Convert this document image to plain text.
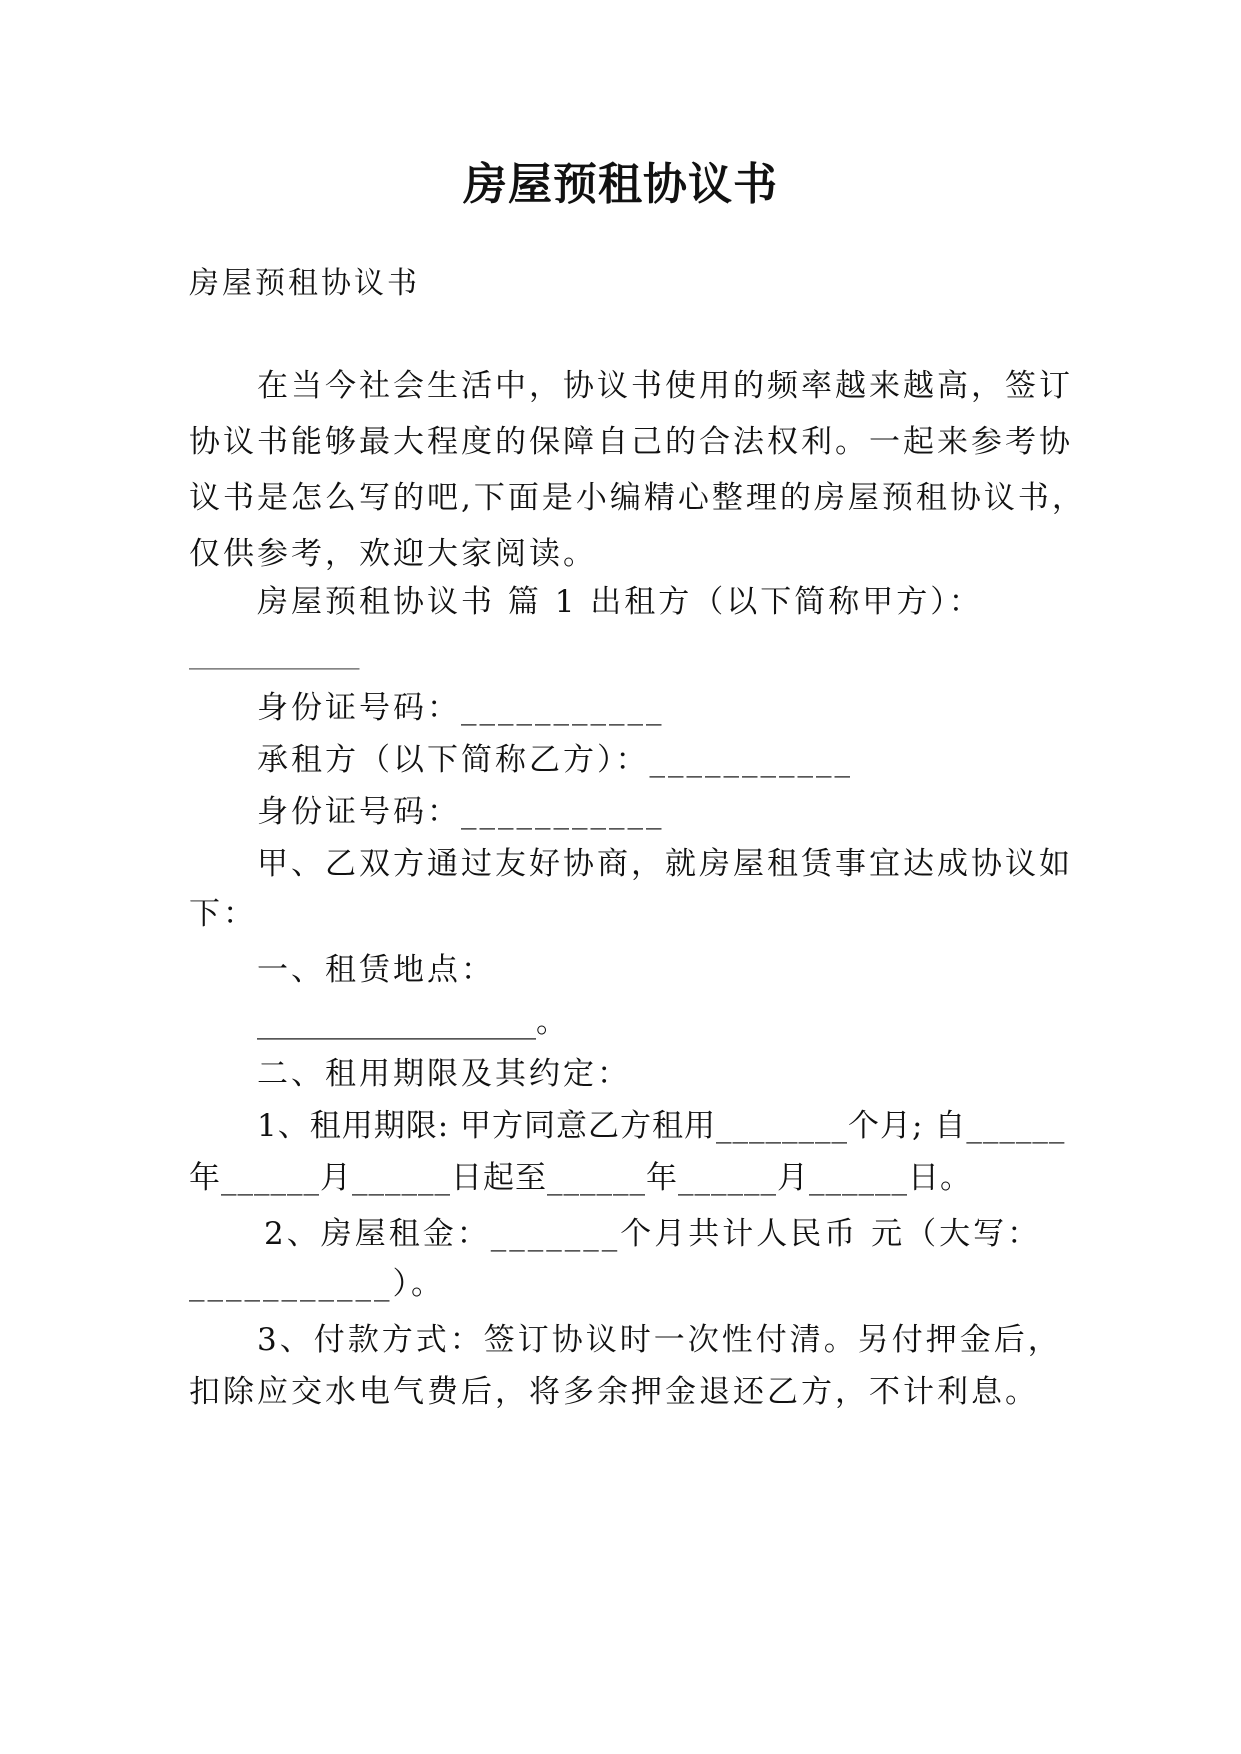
房屋预租协议书
房屋预租协议书
在当今社会生活中，协议书使用的频率越来越高，签订
协议书能够最大程度的保障自己的合法权利。一起来参考协
议书是怎么写的吧,下面是小编精心整理的房屋预租协议书，
仅供参考，欢迎大家阅读。
房屋预租协议书 篇 1 出租方（以下简称甲方）：
___________
身份证号码：___________
承租方（以下简称乙方）：___________
身份证号码：___________
甲、乙双方通过友好协商，就房屋租赁事宜达成协议如
下：
一、租赁地点：
__________________。
二、租用期限及其约定：
1、租用期限: 甲方同意乙方租用________个月; 自______
年______月______日起至______年______月______日。
2、房屋租金：_______个月共计人民币 元（大写：
___________）。
3、付款方式：签订协议时一次性付清。另付押金后，
扣除应交水电气费后，将多余押金退还乙方，不计利息。
